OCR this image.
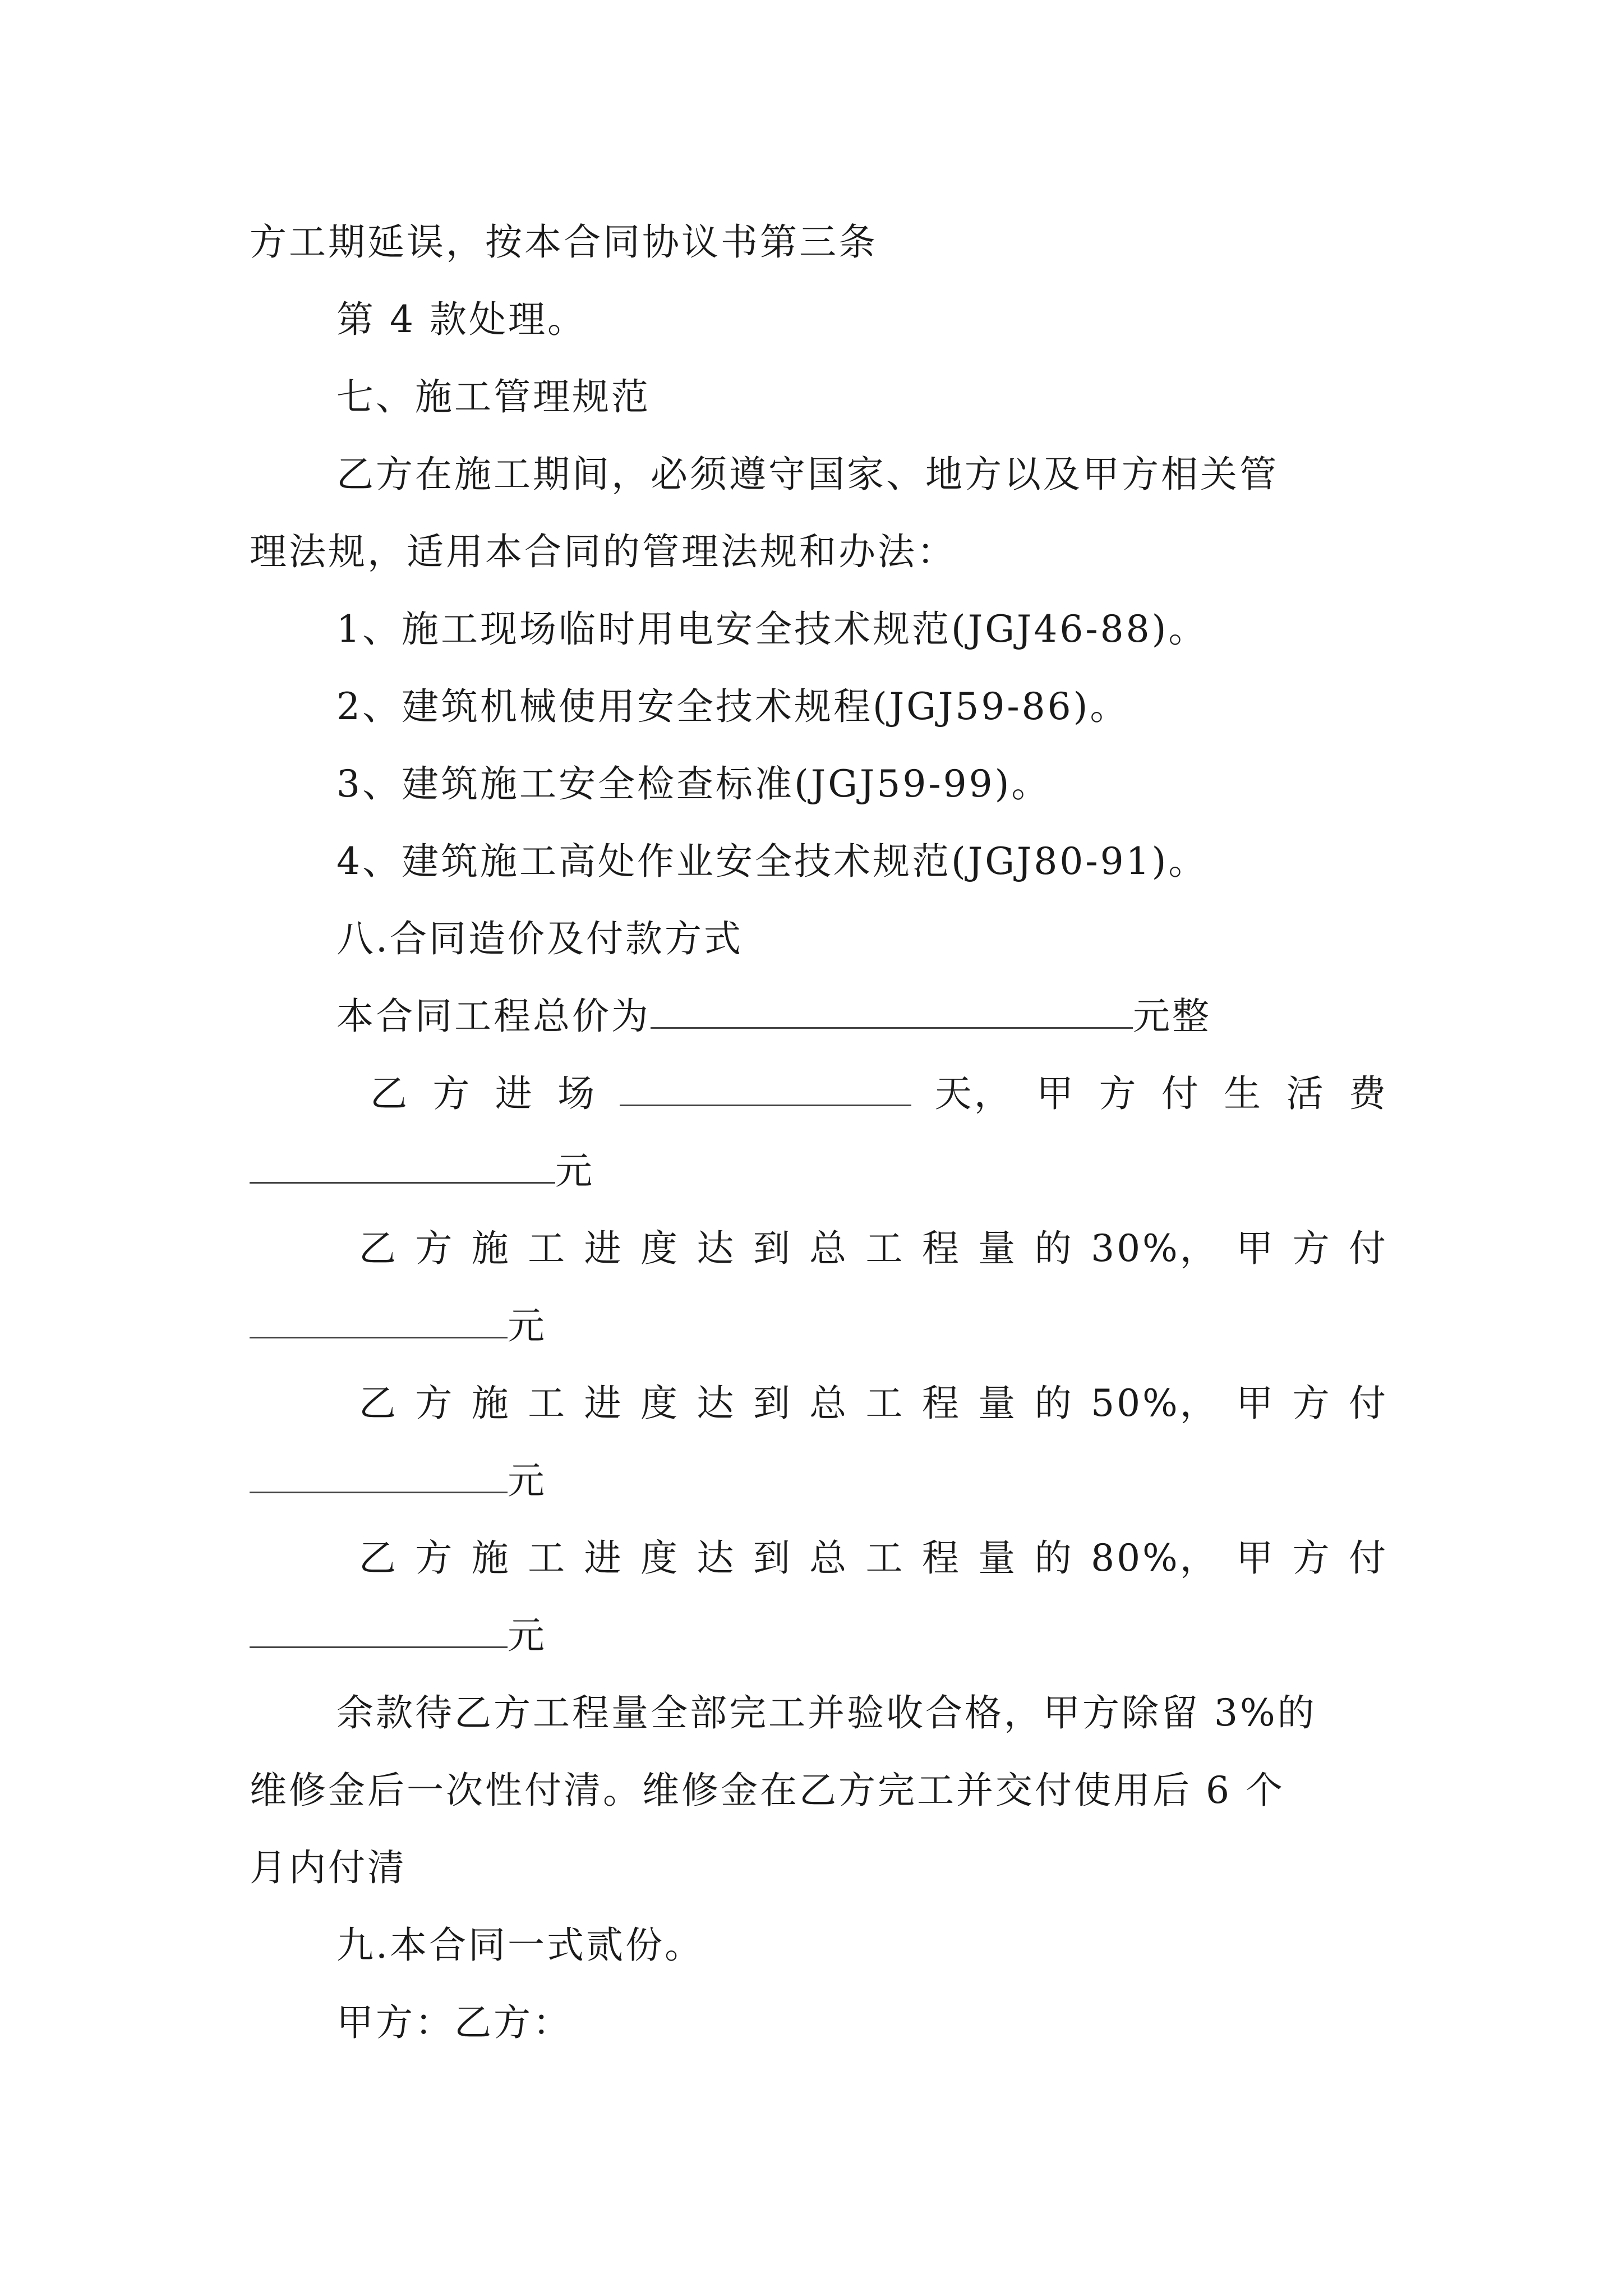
方工期延误，按本合同协议书第三条
第 4 款处理。
七、施工管理规范
乙方在施工期间，必须遵守国家、地方以及甲方相关管
理法规，适用本合同的管理法规和办法：
1、施工现场临时用电安全技术规范(JGJ46-88)。
2、建筑机械使用安全技术规程(JGJ59-86)。
3、建筑施工安全检查标准(JGJ59-99)。
4、建筑施工高处作业安全技术规范(JGJ80-91)。
八.合同造价及付款方式
本合同工程总价为	元整
乙 方 进 场	天， 甲 方 付 生 活 费
元
乙 方 施 工 进 度 达 到 总 工 程 量 的 30%， 甲 方 付
元
乙 方 施 工 进 度 达 到 总 工 程 量 的 50%， 甲 方 付
元
乙 方 施 工 进 度 达 到 总 工 程 量 的 80%， 甲 方 付
元
余款待乙方工程量全部完工并验收合格，甲方除留 3%的
维修金后一次性付清。维修金在乙方完工并交付使用后 6 个
月内付清
九.本合同一式贰份。
甲方：乙方：
